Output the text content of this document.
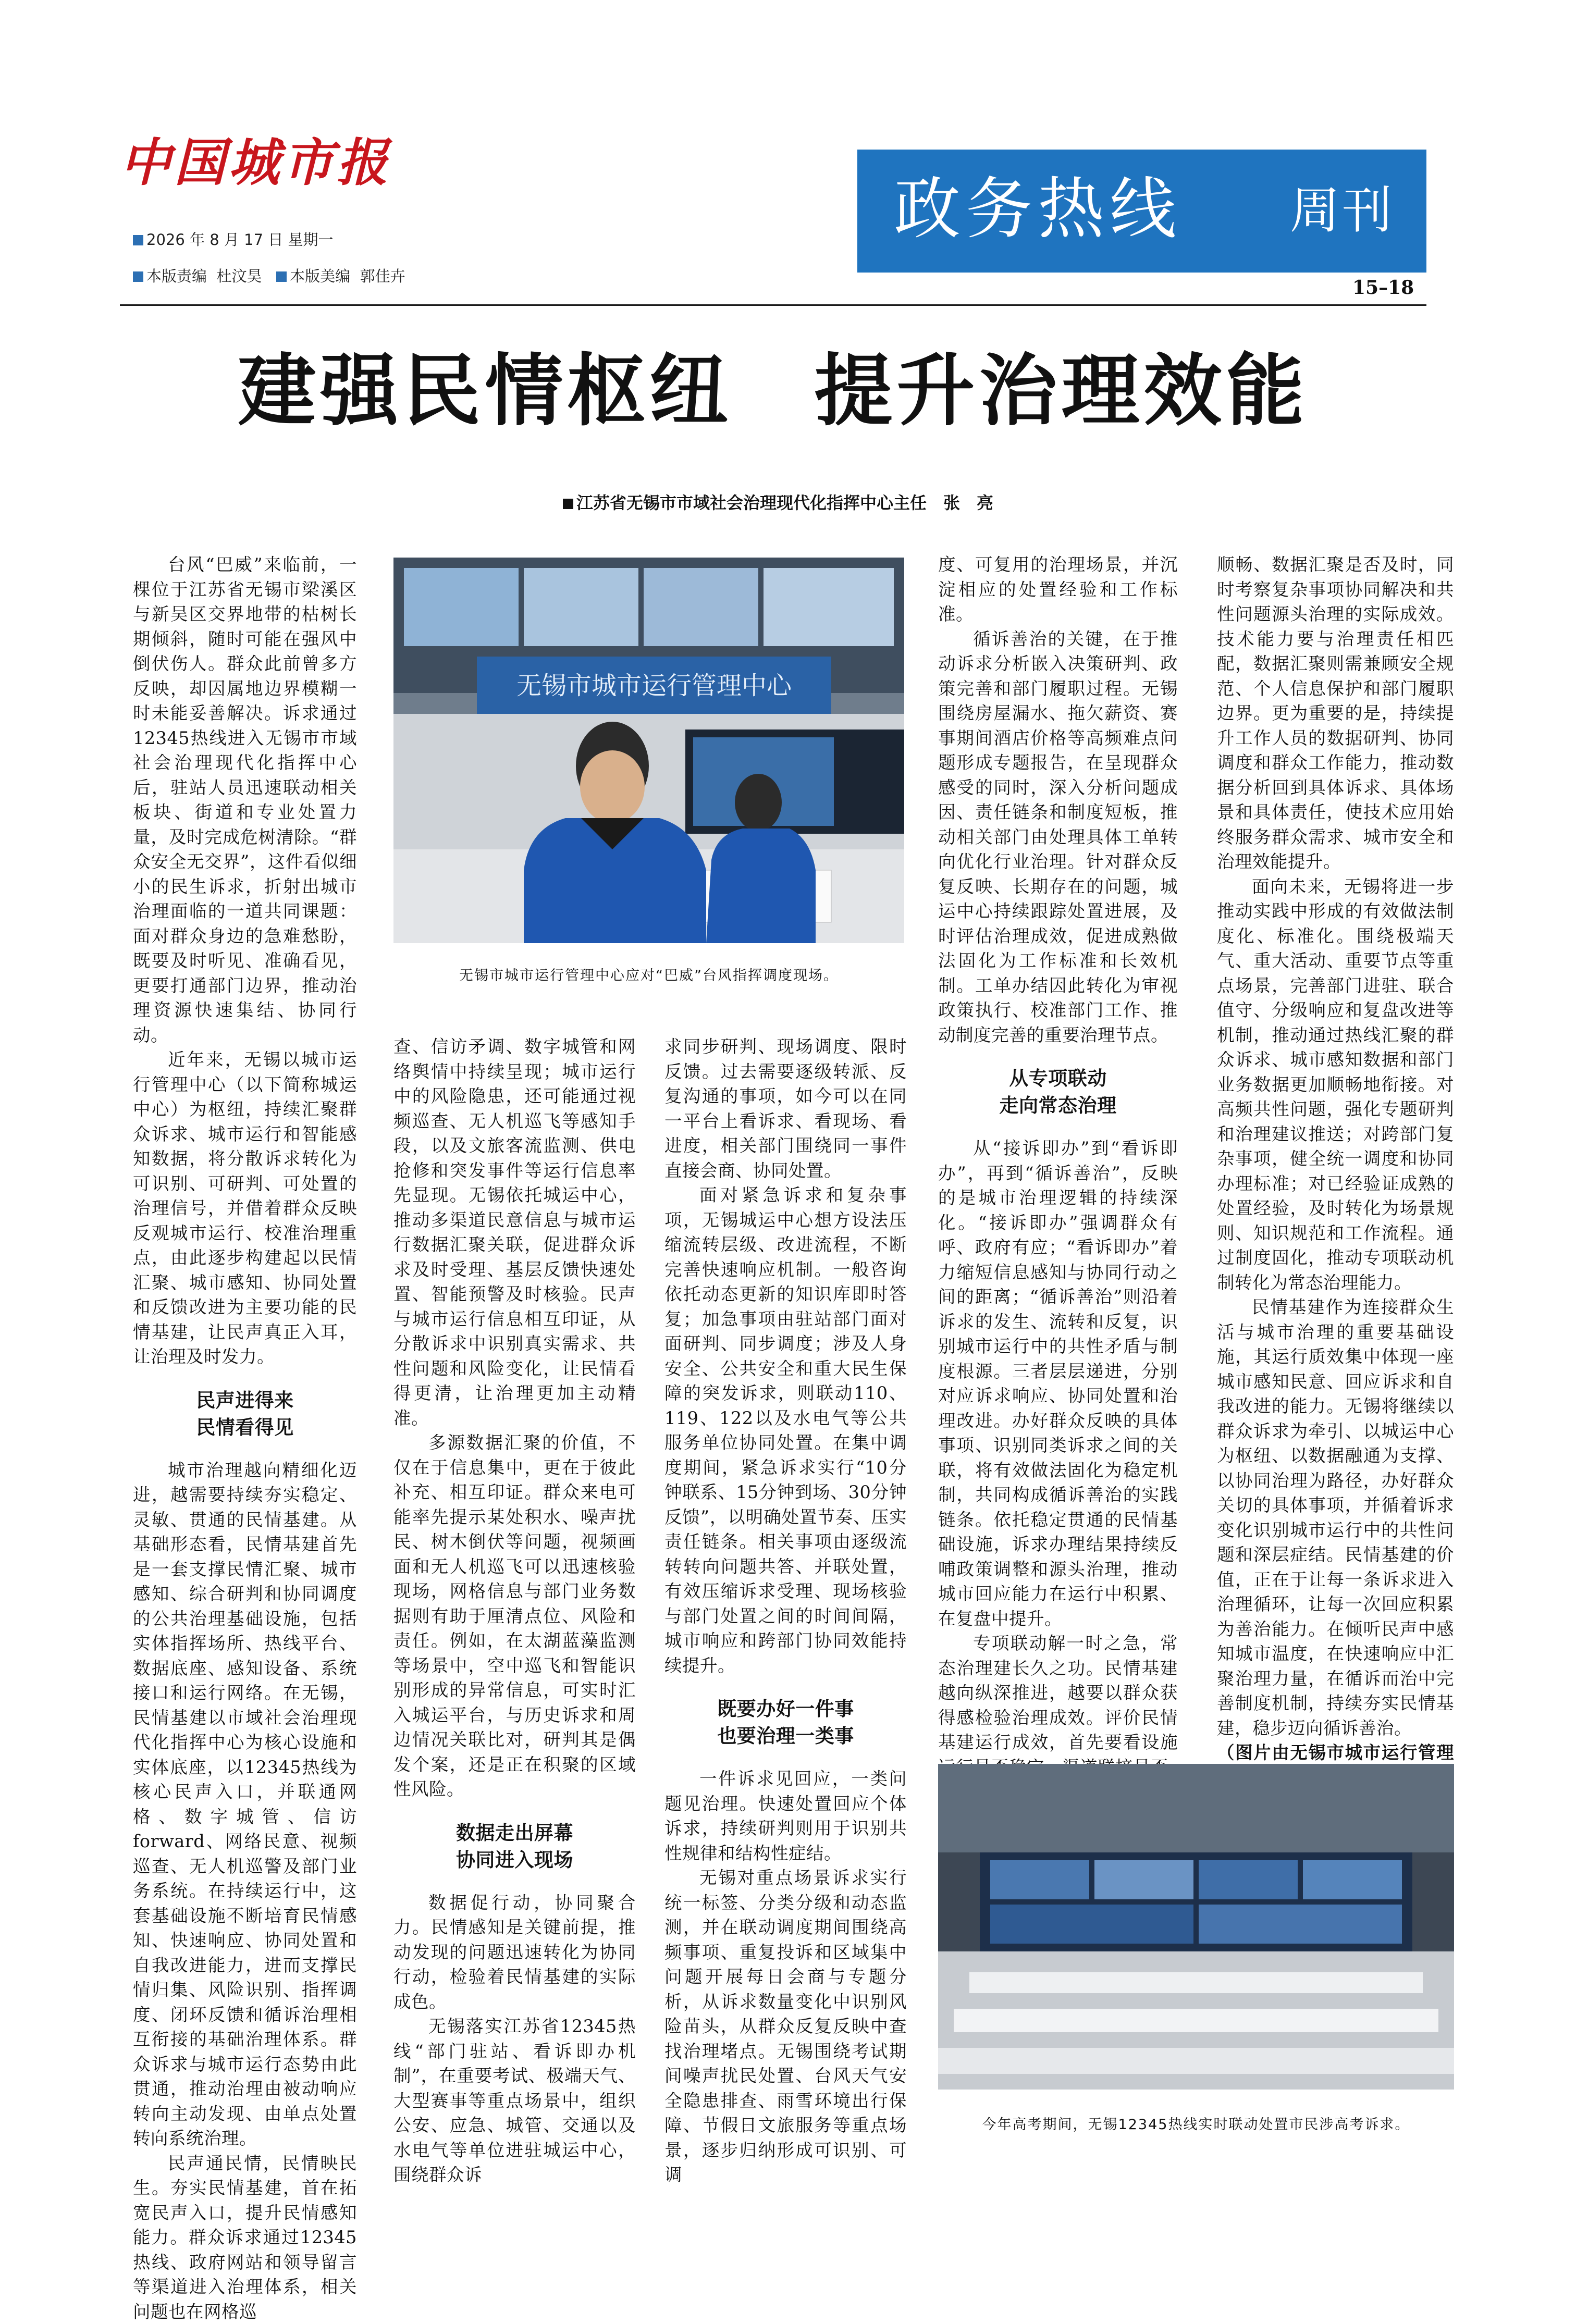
中国城市报
2026 年 8 月 17 日 星期一
本版责编 杜汶昊 本版美编 郭佳卉
政务热线 周刊
15–18
建强民情枢纽　提升治理效能
江苏省无锡市市域社会治理现代化指挥中心主任　张　亮
无锡市城市运行管理中心
无锡市城市运行管理中心应对“巴威”台风指挥调度现场。

台风“巴威”来临前，一棵位于江苏省无锡市梁溪区与新吴区交界地带的枯树长期倾斜，随时可能在强风中倒伏伤人。群众此前曾多方反映，却因属地边界模糊一时未能妥善解决。诉求通过12345热线进入无锡市市域社会治理现代化指挥中心后，驻站人员迅速联动相关板块、街道和专业处置力量，及时完成危树清除。“群众安全无交界”，这件看似细小的民生诉求，折射出城市治理面临的一道共同课题：面对群众身边的急难愁盼，既要及时听见、准确看见，更要打通部门边界，推动治理资源快速集结、协同行动。

近年来，无锡以城市运行管理中心（以下简称城运中心）为枢纽，持续汇聚群众诉求、城市运行和智能感知数据，将分散诉求转化为可识别、可研判、可处置的治理信号，并借着群众反映反观城市运行、校准治理重点，由此逐步构建起以民情汇聚、城市感知、协同处置和反馈改进为主要功能的民情基建，让民声真正入耳，让治理及时发力。

民声进得来
民情看得见

城市治理越向精细化迈进，越需要持续夯实稳定、灵敏、贯通的民情基建。从基础形态看，民情基建首先是一套支撑民情汇聚、城市感知、综合研判和协同调度的公共治理基础设施，包括实体指挥场所、热线平台、数据底座、感知设备、系统接口和运行网络。在无锡，民情基建以市域社会治理现代化指挥中心为核心设施和实体底座，以12345热线为核心民声入口，并联通网格、数字城管、信访forward、网络民意、视频巡查、无人机巡警及部门业务系统。在持续运行中，这套基础设施不断培育民情感知、快速响应、协同处置和自我改进能力，进而支撑民情归集、风险识别、指挥调度、闭环反馈和循诉治理相互衔接的基础治理体系。群众诉求与城市运行态势由此贯通，推动治理由被动响应转向主动发现、由单点处置转向系统治理。

民声通民情，民情映民生。夯实民情基建，首在拓宽民声入口，提升民情感知能力。群众诉求通过12345热线、政府网站和领导留言等渠道进入治理体系，相关问题也在网格巡

查、信访矛调、数字城管和网络舆情中持续呈现；城市运行中的风险隐患，还可能通过视频巡查、无人机巡飞等感知手段，以及文旅客流监测、供电抢修和突发事件等运行信息率先显现。无锡依托城运中心，推动多渠道民意信息与城市运行数据汇聚关联，促进群众诉求及时受理、基层反馈快速处置、智能预警及时核验。民声与城市运行信息相互印证，从分散诉求中识别真实需求、共性问题和风险变化，让民情看得更清，让治理更加主动精准。

多源数据汇聚的价值，不仅在于信息集中，更在于彼此补充、相互印证。群众来电可能率先提示某处积水、噪声扰民、树木倒伏等问题，视频画面和无人机巡飞可以迅速核验现场，网格信息与部门业务数据则有助于厘清点位、风险和责任。例如，在太湖蓝藻监测等场景中，空中巡飞和智能识别形成的异常信息，可实时汇入城运平台，与历史诉求和周边情况关联比对，研判其是偶发个案，还是正在积聚的区域性风险。

数据走出屏幕
协同进入现场

数据促行动，协同聚合力。民情感知是关键前提，推动发现的问题迅速转化为协同行动，检验着民情基建的实际成色。

无锡落实江苏省12345热线“部门驻站、看诉即办机制”，在重要考试、极端天气、大型赛事等重点场景中，组织公安、应急、城管、交通以及水电气等单位进驻城运中心，围绕群众诉

求同步研判、现场调度、限时反馈。过去需要逐级转派、反复沟通的事项，如今可以在同一平台上看诉求、看现场、看进度，相关部门围绕同一事件直接会商、协同处置。

面对紧急诉求和复杂事项，无锡城运中心想方设法压缩流转层级、改进流程，不断完善快速响应机制。一般咨询依托动态更新的知识库即时答复；加急事项由驻站部门面对面研判、同步调度；涉及人身安全、公共安全和重大民生保障的突发诉求，则联动110、119、122以及水电气等公共服务单位协同处置。在集中调度期间，紧急诉求实行“10分钟联系、15分钟到场、30分钟反馈”，以明确处置节奏、压实责任链条。相关事项由逐级流转转向问题共答、并联处置，有效压缩诉求受理、现场核验与部门处置之间的时间间隔，城市响应和跨部门协同效能持续提升。

既要办好一件事
也要治理一类事

一件诉求见回应，一类问题见治理。快速处置回应个体诉求，持续研判则用于识别共性规律和结构性症结。

无锡对重点场景诉求实行统一标签、分类分级和动态监测，并在联动调度期间围绕高频事项、重复投诉和区域集中问题开展每日会商与专题分析，从诉求数量变化中识别风险苗头，从群众反复反映中查找治理堵点。无锡围绕考试期间噪声扰民处置、台风天气安全隐患排查、雨雪环境出行保障、节假日文旅服务等重点场景，逐步归纳形成可识别、可调

度、可复用的治理场景，并沉淀相应的处置经验和工作标准。

循诉善治的关键，在于推动诉求分析嵌入决策研判、政策完善和部门履职过程。无锡围绕房屋漏水、拖欠薪资、赛事期间酒店价格等高频难点问题形成专题报告，在呈现群众感受的同时，深入分析问题成因、责任链条和制度短板，推动相关部门由处理具体工单转向优化行业治理。针对群众反复反映、长期存在的问题，城运中心持续跟踪处置进展，及时评估治理成效，促进成熟做法固化为工作标准和长效机制。工单办结因此转化为审视政策执行、校准部门工作、推动制度完善的重要治理节点。

从专项联动
走向常态治理

从“接诉即办”到“看诉即办”，再到“循诉善治”，反映的是城市治理逻辑的持续深化。“接诉即办”强调群众有呼、政府有应；“看诉即办”着力缩短信息感知与协同行动之间的距离；“循诉善治”则沿着诉求的发生、流转和反复，识别城市运行中的共性矛盾与制度根源。三者层层递进，分别对应诉求响应、协同处置和治理改进。办好群众反映的具体事项、识别同类诉求之间的关联，将有效做法固化为稳定机制，共同构成循诉善治的实践链条。依托稳定贯通的民情基础设施，诉求办理结果持续反哺政策调整和源头治理，推动城市回应能力在运行中积累、在复盘中提升。

专项联动解一时之急，常态治理建长久之功。民情基建越向纵深推进，越要以群众获得感检验治理成效。评价民情基建运行成效，首先要看设施

顺畅、数据汇聚是否及时，同时考察复杂事项协同解决和共性问题源头治理的实际成效。技术能力要与治理责任相匹配，数据汇聚则需兼顾安全规范、个人信息保护和部门履职边界。更为重要的是，持续提升工作人员的数据研判、协同调度和群众工作能力，推动数据分析回到具体诉求、具体场景和具体责任，使技术应用始终服务群众需求、城市安全和治理效能提升。

面向未来，无锡将进一步推动实践中形成的有效做法制度化、标准化。围绕极端天气、重大活动、重要节点等重点场景，完善部门进驻、联合值守、分级响应和复盘改进等机制，推动通过热线汇聚的群众诉求、城市感知数据和部门业务数据更加顺畅地衔接。对高频共性问题，强化专题研判和治理建议推送；对跨部门复杂事项，健全统一调度和协同办理标准；对已经验证成熟的处置经验，及时转化为场景规则、知识规范和工作流程。通过制度固化，推动专项联动机制转化为常态治理能力。

民情基建作为连接群众生活与城市治理的重要基础设施，其运行质效集中体现一座城市感知民意、回应诉求和自我改进的能力。无锡将继续以群众诉求为牵引、以城运中心为枢纽、以数据融通为支撑、以协同治理为路径，办好群众关切的具体事项，并循着诉求变化识别城市运行中的共性问题和深层症结。民情基建的价值，正在于让每一条诉求进入治理循环，让每一次回应积累为善治能力。在倾听民声中感知城市温度，在快速响应中汇聚治理力量，在循诉而治中完善制度机制，持续夯实民情基建，稳步迈向循诉善治。

（图片由无锡市城市运行管理

今年高考期间，无锡12345热线实时联动处置市民涉高考诉求。
